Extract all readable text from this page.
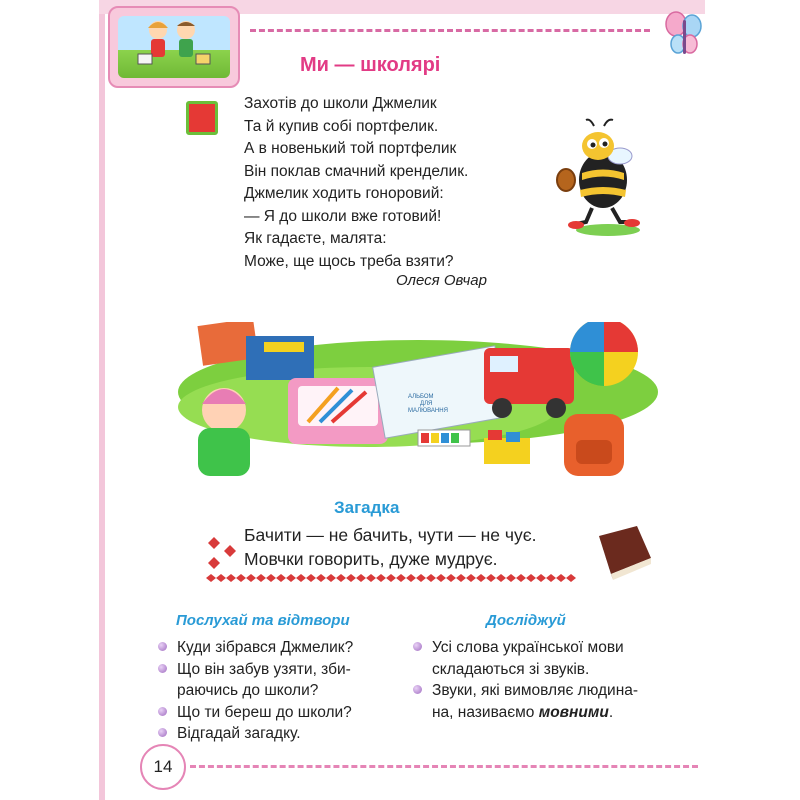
Ми — школярі
Захотів до школи Джмелик
Та й купив собі портфелик.
А в новенький той портфелик
Він поклав смачний кренделик.
Джмелик ходить гоноровий:
— Я до школи вже готовий!
Як гадаєте, малята:
Може, ще щось треба взяти?
Олеся Овчар
АЛЬБОМ
ДЛЯ
МАЛЮВАННЯ
Загадка
Бачити — не бачить, чути — не чує.
Мовчки говорить, дуже мудрує.
Послухай та відтвори	Досліджуй
Куди зібрався Джмелик?
Що він забув узяти, зби-
раючись до школи?
Що ти береш до школи?
Відгадай загадку.
Усі слова української мови
складаються зі звуків.
Звуки, які вимовляє людина-
на, називаємо мовними.
14
